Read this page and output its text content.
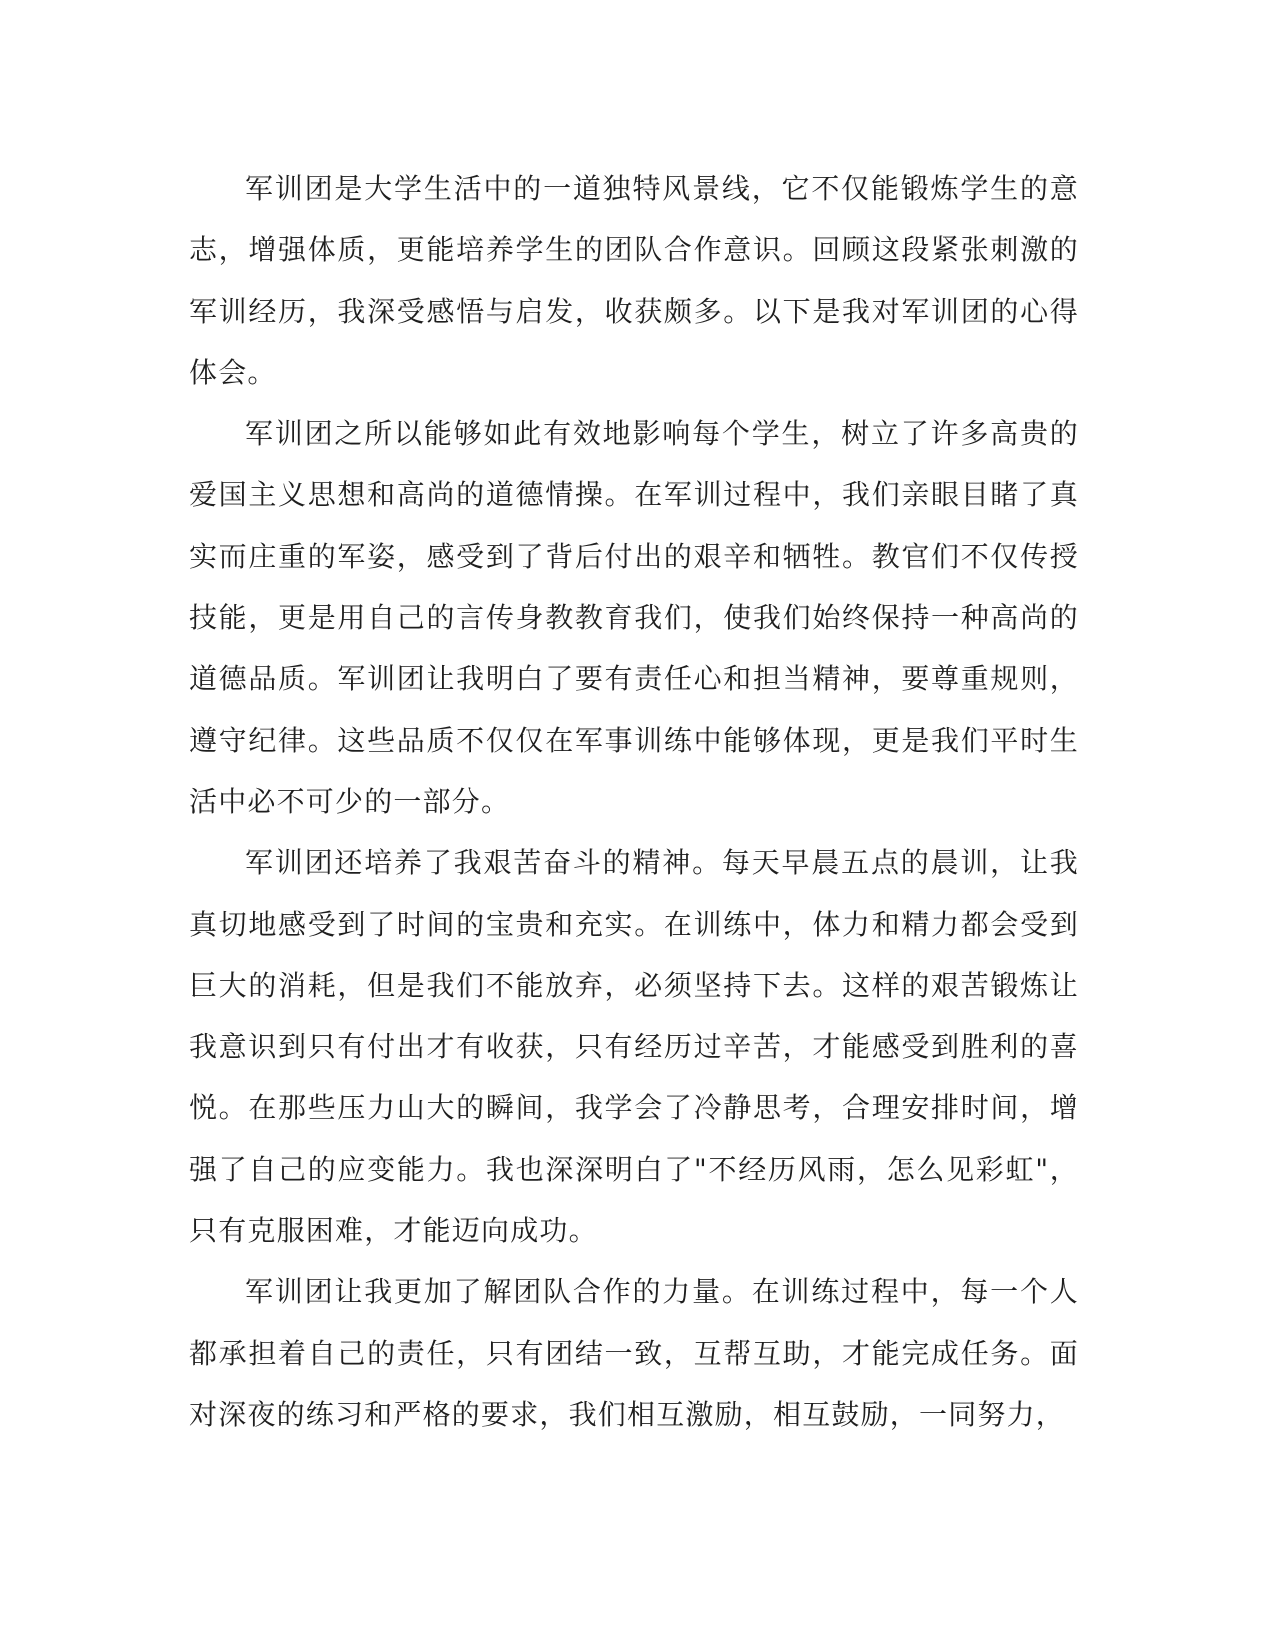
军训团是大学生活中的一道独特风景线，它不仅能锻炼学生的意志，增强体质，更能培养学生的团队合作意识。回顾这段紧张刺激的军训经历，我深受感悟与启发，收获颇多。以下是我对军训团的心得体会。

军训团之所以能够如此有效地影响每个学生，树立了许多高贵的爱国主义思想和高尚的道德情操。在军训过程中，我们亲眼目睹了真实而庄重的军姿，感受到了背后付出的艰辛和牺牲。教官们不仅传授技能，更是用自己的言传身教教育我们，使我们始终保持一种高尚的道德品质。军训团让我明白了要有责任心和担当精神，要尊重规则，遵守纪律。这些品质不仅仅在军事训练中能够体现，更是我们平时生活中必不可少的一部分。

军训团还培养了我艰苦奋斗的精神。每天早晨五点的晨训，让我真切地感受到了时间的宝贵和充实。在训练中，体力和精力都会受到巨大的消耗，但是我们不能放弃，必须坚持下去。这样的艰苦锻炼让我意识到只有付出才有收获，只有经历过辛苦，才能感受到胜利的喜悦。在那些压力山大的瞬间，我学会了冷静思考，合理安排时间，增强了自己的应变能力。我也深深明白了"不经历风雨，怎么见彩虹"，只有克服困难，才能迈向成功。

军训团让我更加了解团队合作的力量。在训练过程中，每一个人都承担着自己的责任，只有团结一致，互帮互助，才能完成任务。面对深夜的练习和严格的要求，我们相互激励，相互鼓励，一同努力，
